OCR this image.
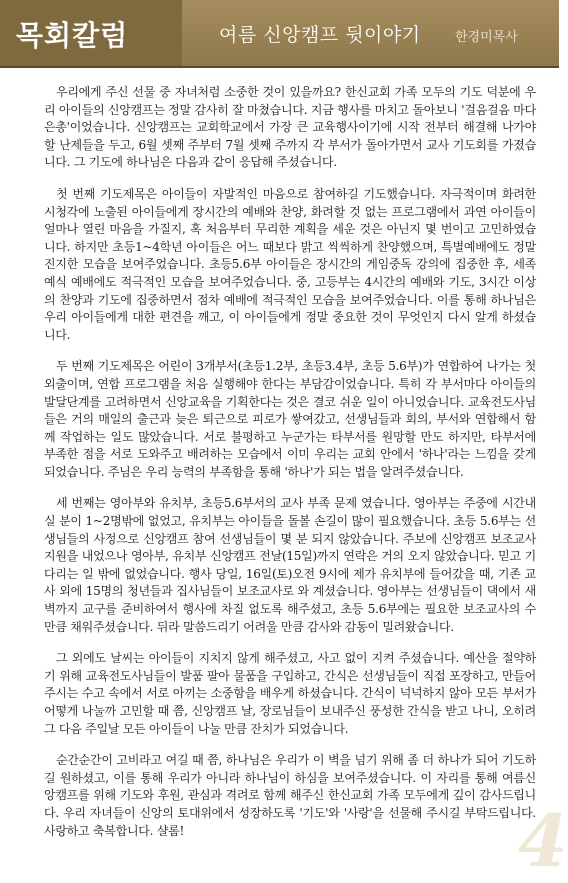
목회칼럼	여름 신앙캠프 뒷이야기	한경미목사
4

우리에게 주신 선물 중 자녀처럼 소중한 것이 있을까요? 한신교회 가족 모두의 기도 덕분에 우리 아이들의 신앙캠프는 정말 감사히 잘 마쳤습니다. 지금 행사를 마치고 돌아보니 '걸음걸음 마다 은총'이었습니다. 신앙캠프는 교회학교에서 가장 큰 교육행사이기에 시작 전부터 해결해 나가야 할 난제들을 두고, 6월 셋째 주부터 7월 셋째 주까지 각 부서가 돌아가면서 교사 기도회를 가졌습니다. 그 기도에 하나님은 다음과 같이 응답해 주셨습니다.

첫 번째 기도제목은 아이들이 자발적인 마음으로 참여하길 기도했습니다. 자극적이며 화려한 시청각에 노출된 아이들에게 장시간의 예배와 찬양, 화려할 것 없는 프로그램에서 과연 아이들이 얼마나 열린 마음을 가질지, 혹 처음부터 무리한 계획을 세운 것은 아닌지 몇 번이고 고민하였습니다. 하지만 초등1~4학년 아이들은 어느 때보다 밝고 씩씩하게 찬양했으며, 특별예배에도 정말 진지한 모습을 보여주었습니다. 초등5.6부 아이들은 장시간의 게임중독 강의에 집중한 후, 세족예식 예배에도 적극적인 모습을 보여주었습니다. 중, 고등부는 4시간의 예배와 기도, 3시간 이상의 찬양과 기도에 집중하면서 점차 예배에 적극적인 모습을 보여주었습니다. 이를 통해 하나님은 우리 아이들에게 대한 편견을 깨고, 이 아이들에게 정말 중요한 것이 무엇인지 다시 알게 하셨습니다.

두 번째 기도제목은 어린이 3개부서(초등1.2부, 초등3.4부, 초등 5.6부)가 연합하여 나가는 첫 외출이며, 연합 프로그램을 처음 실행해야 한다는 부담감이었습니다. 특히 각 부서마다 아이들의 발달단계를 고려하면서 신앙교육을 기획한다는 것은 결코 쉬운 일이 아니었습니다. 교육전도사님들은 거의 매일의 출근과 늦은 퇴근으로 피로가 쌓여갔고, 선생님들과 회의, 부서와 연합해서 함께 작업하는 일도 많았습니다. 서로 불평하고 누군가는 타부서를 원망할 만도 하지만, 타부서에 부족한 점을 서로 도와주고 배려하는 모습에서 이미 우리는 교회 안에서 '하나'라는 느낌을 갖게 되었습니다. 주님은 우리 능력의 부족함을 통해 '하나'가 되는 법을 알려주셨습니다.

세 번째는 영아부와 유치부, 초등5.6부서의 교사 부족 문제 였습니다. 영아부는 주중에 시간내실 분이 1~2명밖에 없었고, 유치부는 아이들을 돌볼 손길이 많이 필요했습니다. 초등 5.6부는 선생님들의 사정으로 신앙캠프 참여 선생님들이 몇 분 되지 않았습니다. 주보에 신앙캠프 보조교사 지원을 내었으나 영아부, 유치부 신앙캠프 전날(15일)까지 연락은 거의 오지 않았습니다. 믿고 기다리는 일 밖에 없었습니다. 행사 당일, 16일(토)오전 9시에 제가 유치부에 들어갔을 때, 기존 교사 외에 15명의 청년들과 집사님들이 보조교사로 와 계셨습니다. 영아부는 선생님들이 댁에서 새벽까지 교구를 준비하여서 행사에 차질 없도록 해주셨고, 초등 5.6부에는 필요한 보조교사의 수만큼 채워주셨습니다. 뒤라 말씀드리기 어려울 만큼 감사와 감동이 밀려왔습니다.

그 외에도 날씨는 아이들이 지치지 않게 해주셨고, 사고 없이 지켜 주셨습니다. 예산을 절약하기 위해 교육전도사님들이 발품 팔아 물품을 구입하고, 간식은 선생님들이 직접 포장하고, 만들어주시는 수고 속에서 서로 아끼는 소중함을 배우게 하셨습니다. 간식이 넉넉하지 않아 모든 부서가 어떻게 나눌까 고민할 때 쯤, 신앙캠프 날, 장로님들이 보내주신 풍성한 간식을 받고 나니, 오히려 그 다음 주일날 모든 아이들이 나눌 만큼 잔치가 되었습니다.

순간순간이 고비라고 여길 때 쯤, 하나님은 우리가 이 벽을 넘기 위해 좀 더 하나가 되어 기도하길 원하셨고, 이를 통해 우리가 아니라 하나님이 하심을 보여주셨습니다. 이 자리를 통해 여름신앙캠프를 위해 기도와 후원, 관심과 격려로 함께 해주신 한신교회 가족 모두에게 깊이 감사드립니다. 우리 자녀들이 신앙의 토대위에서 성장하도록 '기도'와 '사랑'을 선물해 주시길 부탁드립니다. 사랑하고 축복합니다. 샬롬!
